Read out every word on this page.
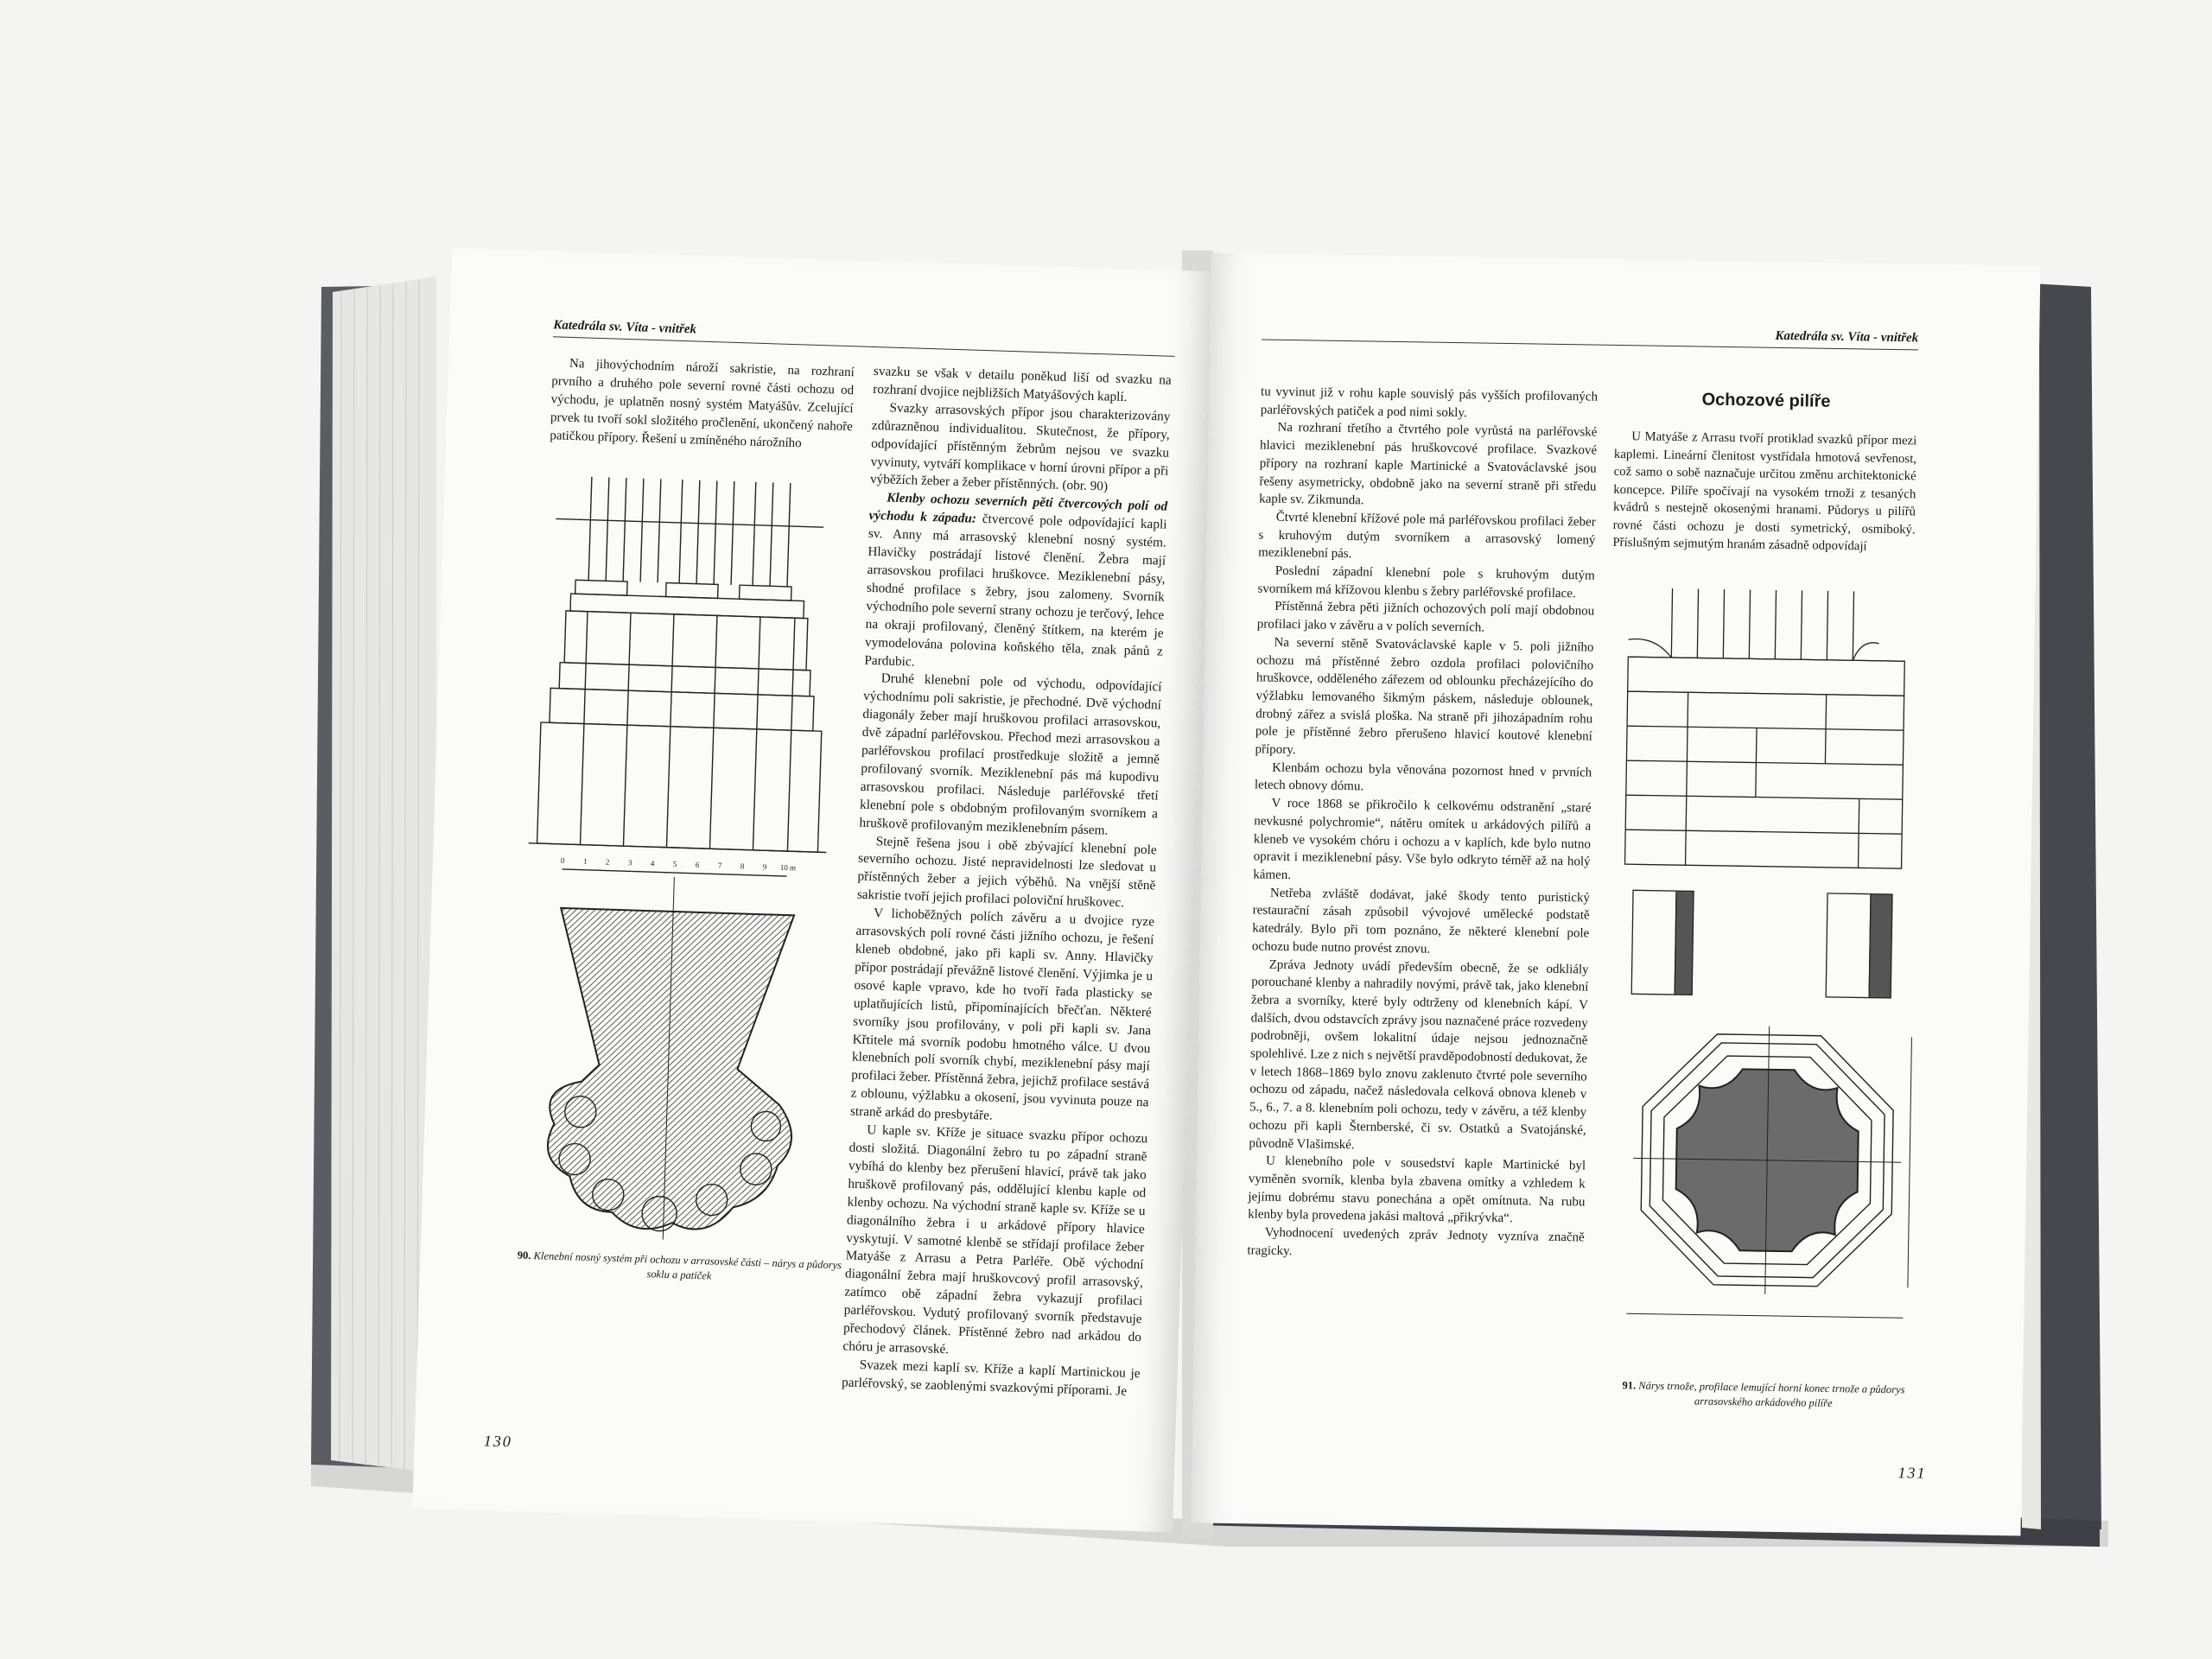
Katedrála sv. Víta - vnitřek

Na jihovýchodním nároží sakristie, na rozhraní prvního a druhého pole severní rovné části ochozu od východu, je uplatněn nosný systém Matyášův. Zcelující prvek tu tvoří sokl složitého pročlenění, ukončený nahoře patičkou přípory. Řešení u zmíněného nárožního

0 1 2 3 4 5 6 7 8 9 10 m
90. Klenební nosný systém při ochozu v arrasovské části – nárys a půdorys soklu a patiček

svazku se však v detailu poněkud liší od svazku na rozhraní dvojice nejbližších Matyášových kaplí.

Svazky arrasovských přípor jsou charakterizovány zdůrazněnou individualitou. Skutečnost, že přípory, odpovídající přístěnným žebrům nejsou ve svazku vyvinuty, vytváří komplikace v horní úrovni přípor a při výběžích žeber a žeber přístěnných. (obr. 90)

Klenby ochozu severních pěti čtvercových polí od východu k západu: čtvercové pole odpovídající kapli sv. Anny má arrasovský klenební nosný systém. Hlavičky postrádají listové členění. Žebra mají arrasovskou profilaci hruškovce. Meziklenební pásy, shodné profilace s žebry, jsou zalomeny. Svorník východního pole severní strany ochozu je terčový, lehce na okraji profilovaný, členěný štítkem, na kterém je vymodelována polovina koňského těla, znak pánů z Pardubic.

Druhé klenební pole od východu, odpovídající východnímu poli sakristie, je přechodné. Dvě východní diagonály žeber mají hruškovou profilaci arrasovskou, dvě západní parléřovskou. Přechod mezi arrasovskou a parléřovskou profilací prostředkuje složitě a jemně profilovaný svorník. Meziklenební pás má kupodivu arrasovskou profilaci. Následuje parléřovské třetí klenební pole s obdobným profilovaným svorníkem a hruškově profilovaným meziklenebním pásem.

Stejně řešena jsou i obě zbývající klenební pole severního ochozu. Jisté nepravidelnosti lze sledovat u přístěnných žeber a jejich výběhů. Na vnější stěně sakristie tvoří jejich profilaci poloviční hruškovec.

V lichoběžných polích závěru a u dvojice ryze arrasovských polí rovné části jižního ochozu, je řešení kleneb obdobné, jako při kapli sv. Anny. Hlavičky přípor postrádají převážně listové členění. Výjimka je u osové kaple vpravo, kde ho tvoří řada plasticky se uplatňujících listů, připomínajících břečťan. Některé svorníky jsou profilovány, v poli při kapli sv. Jana Křtitele má svorník podobu hmotného válce. U dvou klenebních polí svorník chybí, meziklenební pásy mají profilaci žeber. Přístěnná žebra, jejichž profilace sestává z oblounu, výžlabku a okosení, jsou vyvinuta pouze na straně arkád do presbytáře.

U kaple sv. Kříže je situace svazku přípor ochozu dosti složitá. Diagonální žebro tu po západní straně vybíhá do klenby bez přerušení hlavicí, právě tak jako hruškově profilovaný pás, oddělující klenbu kaple od klenby ochozu. Na východní straně kaple sv. Kříže se u diagonálního žebra i u arkádové přípory hlavice vyskytují. V samotné klenbě se střídají profilace žeber Matyáše z Arrasu a Petra Parléře. Obě východní diagonální žebra mají hruškovcový profil arrasovský, zatímco obě západní žebra vykazují profilaci parléřovskou. Vydutý profilovaný svorník představuje přechodový článek. Přístěnné žebro nad arkádou do chóru je arrasovské.

Svazek mezi kaplí sv. Kříže a kaplí Martinickou je parléřovský, se zaoblenými svazkovými příporami. Je

130
Katedrála sv. Víta - vnitřek

tu vyvinut již v rohu kaple souvislý pás vyšších profilovaných parléřovských patiček a pod nimi sokly.

Na rozhraní třetího a čtvrtého pole vyrůstá na parléřovské hlavici meziklenební pás hruškovcové profilace. Svazkové přípory na rozhraní kaple Martinické a Svatováclavské jsou řešeny asymetricky, obdobně jako na severní straně při středu kaple sv. Zikmunda.

Čtvrté klenební křížové pole má parléřovskou profilaci žeber s kruhovým dutým svorníkem a arrasovský lomený meziklenební pás.

Poslední západní klenební pole s kruhovým dutým svorníkem má křížovou klenbu s žebry parléřovské profilace.

Přístěnná žebra pěti jižních ochozových polí mají obdobnou profilaci jako v závěru a v polích severních.

Na severní stěně Svatováclavské kaple v 5. poli jižního ochozu má přístěnné žebro ozdola profilaci polovičního hruškovce, odděleného zářezem od oblounku přecházejícího do výžlabku lemovaného šikmým páskem, následuje oblounek, drobný zářez a svislá ploška. Na straně při jihozápadním rohu pole je přístěnné žebro přerušeno hlavicí koutové klenební přípory.

Klenbám ochozu byla věnována pozornost hned v prvních letech obnovy dómu.

V roce 1868 se přikročilo k celkovému odstranění „staré nevkusné polychromie“, nátěru omítek u arkádových pilířů a kleneb ve vysokém chóru i ochozu a v kaplích, kde bylo nutno opravit i meziklenební pásy. Vše bylo odkryto téměř až na holý kámen.

Netřeba zvláště dodávat, jaké škody tento puristický restaurační zásah způsobil vývojové umělecké podstatě katedrály. Bylo při tom poznáno, že některé klenební pole ochozu bude nutno provést znovu.

Zpráva Jednoty uvádí především obecně, že se odkliály porouchané klenby a nahradily novými, právě tak, jako klenební žebra a svorníky, které byly odtrženy od klenebních kápí. V dalších, dvou odstavcích zprávy jsou naznačené práce rozvedeny podrobněji, ovšem lokalitní údaje nejsou jednoznačně spolehlivé. Lze z nich s největší pravděpodobností dedukovat, že v letech 1868–1869 bylo znovu zaklenuto čtvrté pole severního ochozu od západu, načež následovala celková obnova kleneb v 5., 6., 7. a 8. klenebním poli ochozu, tedy v závěru, a též klenby ochozu při kapli Šternberské, či sv. Ostatků a Svatojánské, původně Vlašimské.

U klenebního pole v sousedství kaple Martinické byl vyměněn svorník, klenba byla zbavena omítky a vzhledem k jejímu dobrému stavu ponechána a opět omítnuta. Na rubu klenby byla provedena jakási maltová „přikrývka“.

Vyhodnocení uvedených zpráv Jednoty vyzníva značně tragicky.

Ochozové pilíře

U Matyáše z Arrasu tvoří protiklad svazků přípor mezi kaplemi. Lineární členitost vystřídala hmotová sevřenost, což samo o sobě naznačuje určitou změnu architektonické koncepce. Pilíře spočívají na vysokém trnoži z tesaných kvádrů s nestejně okosenými hranami. Půdorys u pilířů rovné části ochozu je dosti symetrický, osmiboký. Příslušným sejmutým hranám zásadně odpovídají

91. Nárys trnože, profilace lemující horní konec trnože a půdorys arrasovského arkádového pilíře
131
